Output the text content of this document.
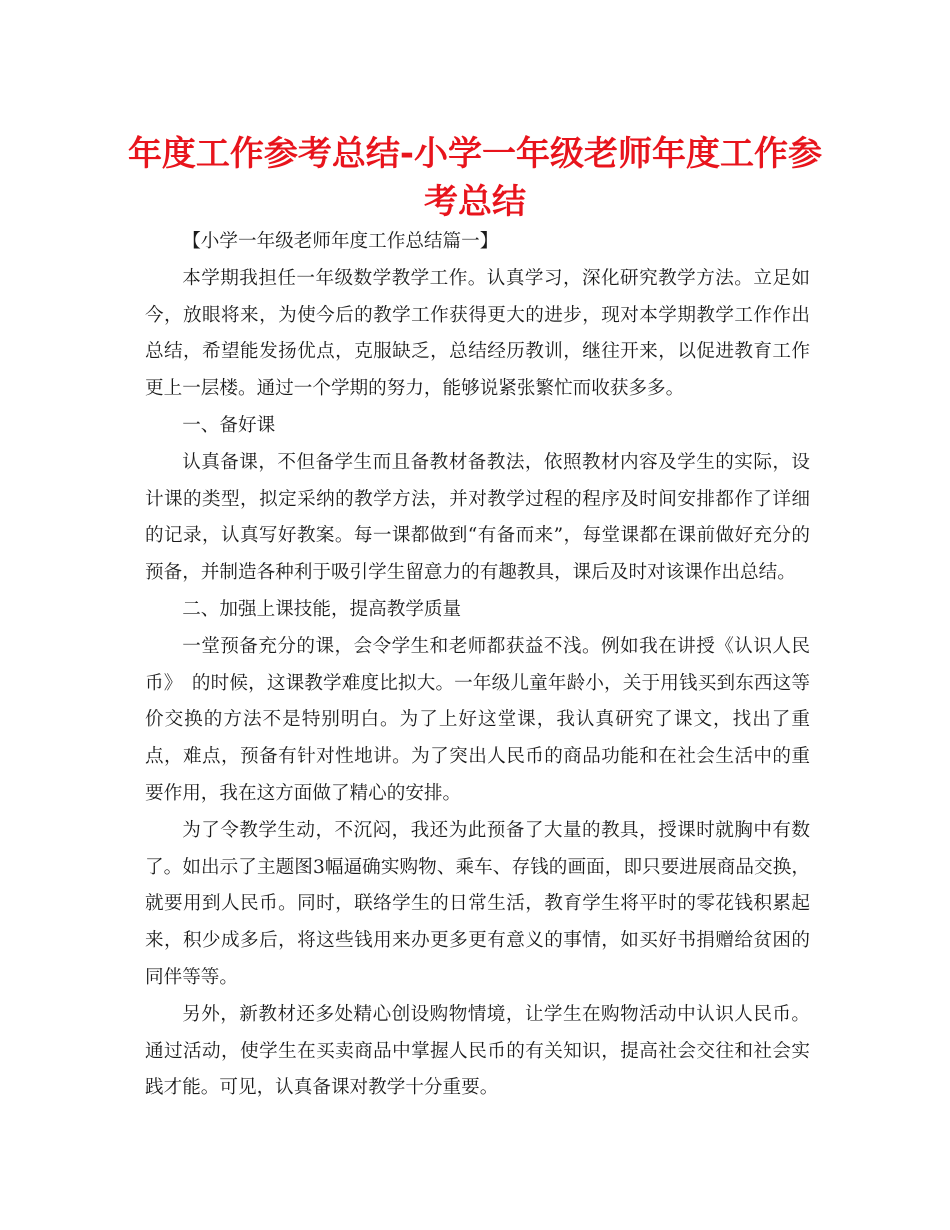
年度工作参考总结-小学一年级老师年度工作参考总结

【小学一年级老师年度工作总结篇一】

本学期我担任一年级数学教学工作。认真学习，深化研究教学方法。立足如今，放眼将来，为使今后的教学工作获得更大的进步，现对本学期教学工作作出总结，希望能发扬优点，克服缺乏，总结经历教训，继往开来，以促进教育工作更上一层楼。通过一个学期的努力，能够说紧张繁忙而收获多多。

一、备好课

认真备课，不但备学生而且备教材备教法，依照教材内容及学生的实际，设计课的类型，拟定采纳的教学方法，并对教学过程的程序及时间安排都作了详细的记录，认真写好教案。每一课都做到“有备而来”，每堂课都在课前做好充分的预备，并制造各种利于吸引学生留意力的有趣教具，课后及时对该课作出总结。

二、加强上课技能，提高教学质量

一堂预备充分的课，会令学生和老师都获益不浅。例如我在讲授《认识人民币》　的时候，这课教学难度比拟大。一年级儿童年龄小，关于用钱买到东西这等价交换的方法不是特别明白。为了上好这堂课，我认真研究了课文，找出了重点，难点，预备有针对性地讲。为了突出人民币的商品功能和在社会生活中的重要作用，我在这方面做了精心的安排。

为了令教学生动，不沉闷，我还为此预备了大量的教具，授课时就胸中有数了。如出示了主题图3幅逼确实购物、乘车、存钱的画面，即只要进展商品交换，就要用到人民币。同时，联络学生的日常生活，教育学生将平时的零花钱积累起来，积少成多后，将这些钱用来办更多更有意义的事情，如买好书捐赠给贫困的同伴等等。

另外，新教材还多处精心创设购物情境，让学生在购物活动中认识人民币。通过活动，使学生在买卖商品中掌握人民币的有关知识，提高社会交往和社会实践才能。可见，认真备课对教学十分重要。
